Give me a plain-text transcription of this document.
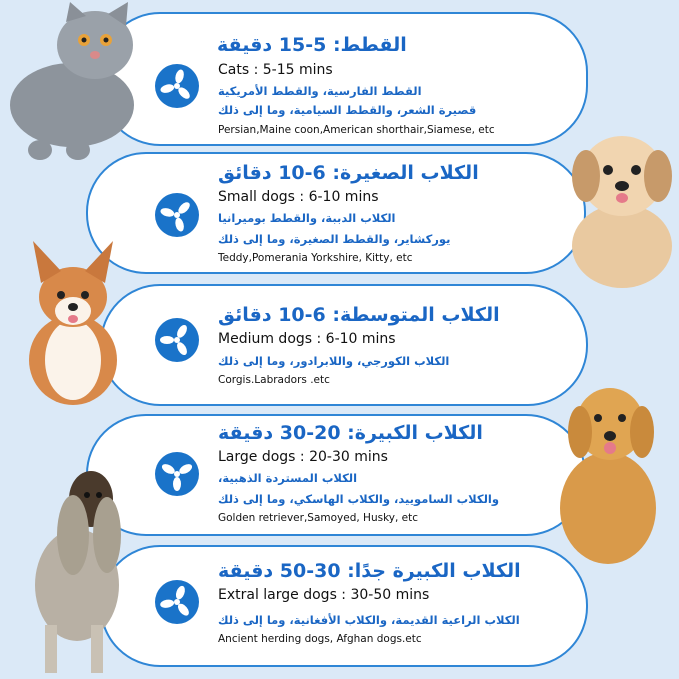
القطط: 5-15 دقيقة
Cats : 5-15 mins
القطط الفارسية، والقطط الأمريكية
قصيرة الشعر، والقطط السيامية، وما إلى ذلك
Persian,Maine coon,American shorthair,Siamese, etc
الكلاب الصغيرة: 6-10 دقائق
Small dogs : 6-10 mins
الكلاب الدببة، والقطط بوميرانيا
يوركشاير، والقطط الصغيرة، وما إلى ذلك
Teddy,Pomerania Yorkshire, Kitty, etc
الكلاب المتوسطة: 6-10 دقائق
Medium dogs : 6-10 mins
الكلاب الكورجي، واللابرادور، وما إلى ذلك
Corgis.Labradors .etc
الكلاب الكبيرة: 20-30 دقيقة
Large dogs : 20-30 mins
الكلاب المستردة الذهبية،
والكلاب الساموييد، والكلاب الهاسكي، وما إلى ذلك
Golden retriever,Samoyed, Husky, etc
الكلاب الكبيرة جدًا: 30-50 دقيقة
Extral large dogs : 30-50 mins
الكلاب الراعية القديمة، والكلاب الأفغانية، وما إلى ذلك
Ancient herding dogs, Afghan dogs.etc
